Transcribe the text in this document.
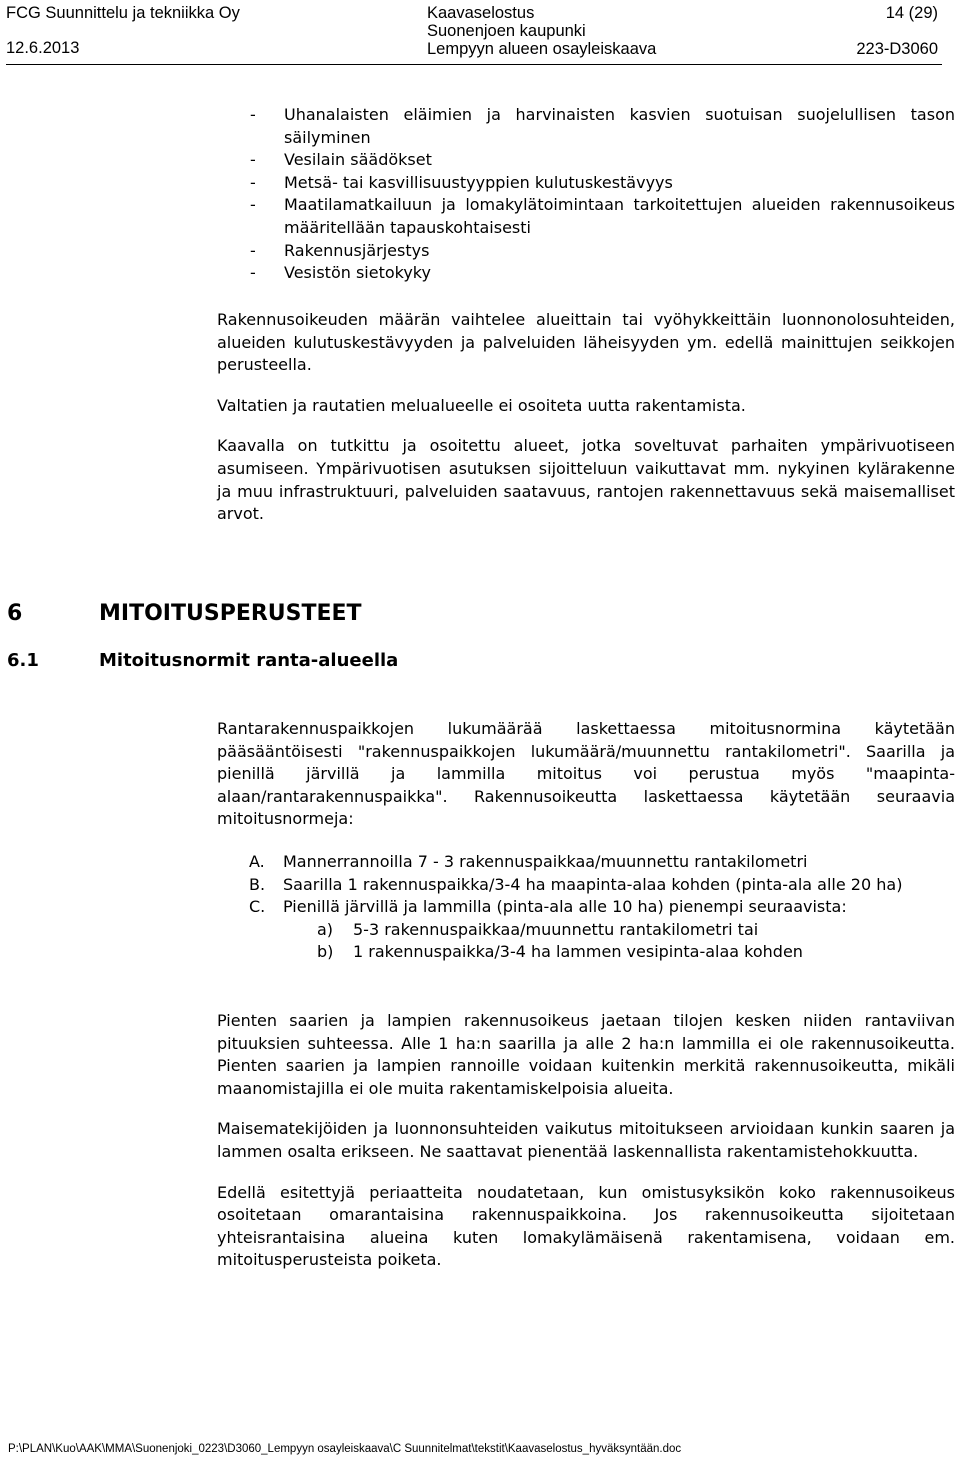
FCG Suunnittelu ja tekniikka Oy
12.6.2013
Kaavaselostus
Suonenjoen kaupunki
Lempyyn alueen osayleiskaava
14 (29)
223-D3060
- Uhanalaisten eläimien ja harvinaisten kasvien suotuisan suojelullisen tason säilyminen
- Vesilain säädökset
- Metsä- tai kasvillisuustyyppien kulutuskestävyys
- Maatilamatkailuun ja lomakylätoimintaan tarkoitettujen alueiden rakennusoikeus määritellään tapauskohtaisesti
- Rakennusjärjestys
- Vesistön sietokyky

Rakennusoikeuden määrän vaihtelee alueittain tai vyöhykkeittäin luonnonolosuhteiden, alueiden kulutuskestävyyden ja palveluiden läheisyyden ym. edellä mainittujen seikkojen perusteella.

Valtatien ja rautatien melualueelle ei osoiteta uutta rakentamista.

Kaavalla on tutkittu ja osoitettu alueet, jotka soveltuvat parhaiten ympärivuotiseen asumiseen. Ympärivuotisen asutuksen sijoitteluun vaikuttavat mm. nykyinen kylärakenne ja muu infrastruktuuri, palveluiden saatavuus, rantojen rakennettavuus sekä maisemalliset arvot.

6	MITOITUSPERUSTEET
6.1	Mitoitusnormit ranta-alueella

Rantarakennuspaikkojen lukumäärää laskettaessa mitoitusnormina käytetään pääsääntöisesti "rakennuspaikkojen lukumäärä/muunnettu rantakilometri". Saarilla ja pienillä järvillä ja lammilla mitoitus voi perustua myös "maapinta-alaan/rantarakennuspaikka". Rakennusoikeutta laskettaessa käytetään seuraavia mitoitusnormeja:

A. Mannerrannoilla 7 - 3 rakennuspaikkaa/muunnettu rantakilometri
B. Saarilla 1 rakennuspaikka/3-4 ha maapinta-alaa kohden (pinta-ala alle 20 ha)
C. Pienillä järvillä ja lammilla (pinta-ala alle 10 ha) pienempi seuraavista:
a) 5-3 rakennuspaikkaa/muunnettu rantakilometri tai
b) 1 rakennuspaikka/3-4 ha lammen vesipinta-alaa kohden

Pienten saarien ja lampien rakennusoikeus jaetaan tilojen kesken niiden rantaviivan pituuksien suhteessa. Alle 1 ha:n saarilla ja alle 2 ha:n lammilla ei ole rakennusoikeutta. Pienten saarien ja lampien rannoille voidaan kuitenkin merkitä rakennusoikeutta, mikäli maanomistajilla ei ole muita rakentamiskelpoisia alueita.

Maisematekijöiden ja luonnonsuhteiden vaikutus mitoitukseen arvioidaan kunkin saaren ja lammen osalta erikseen. Ne saattavat pienentää laskennallista rakentamistehokkuutta.

Edellä esitettyjä periaatteita noudatetaan, kun omistusyksikön koko rakennusoikeus osoitetaan omarantaisina rakennuspaikkoina. Jos rakennusoikeutta sijoitetaan yhteisrantaisina alueina kuten lomakylämäisenä rakentamisena, voidaan em. mitoitusperusteista poiketa.

P:\PLAN\Kuo\AAK\MMA\Suonenjoki_0223\D3060_Lempyyn osayleiskaava\C Suunnitelmat\tekstit\Kaavaselostus_hyväksyntään.doc
